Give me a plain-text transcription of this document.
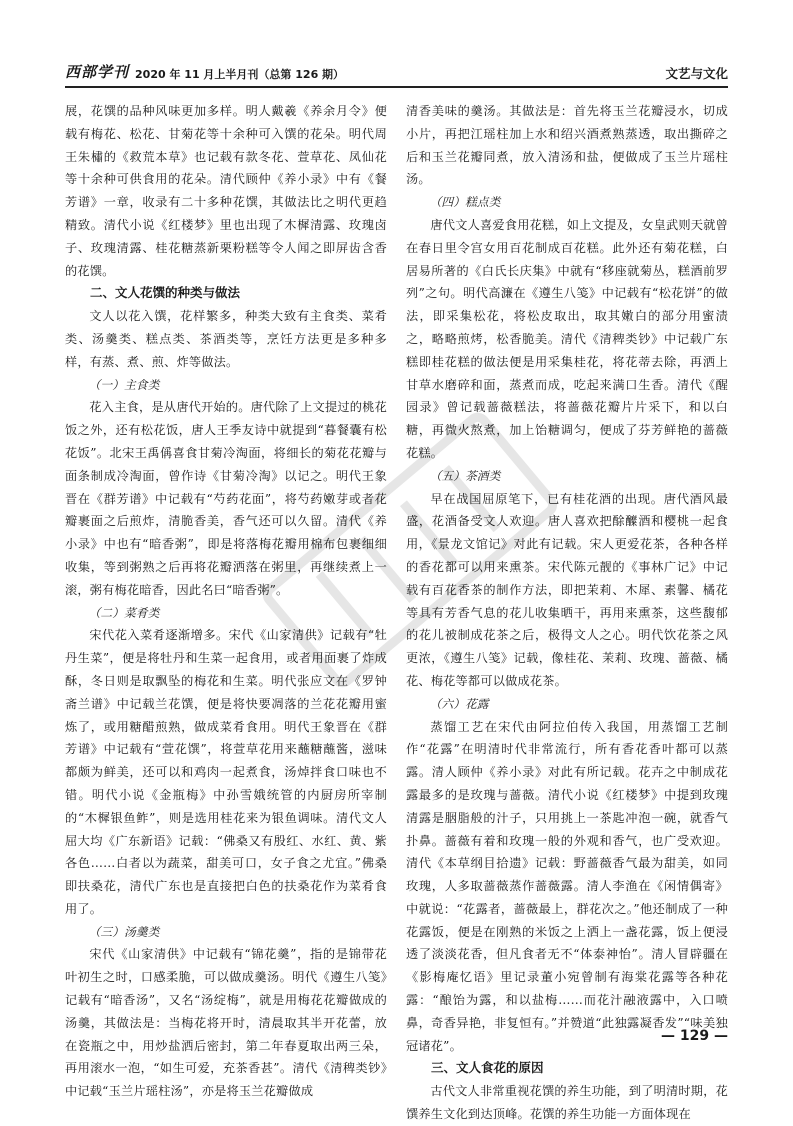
西部学刊 2020 年 11 月上半月刊（总第 126 期）	文艺与文化

展，花馔的品种风味更加多样。明人戴羲《养余月令》便载有梅花、松花、甘菊花等十余种可入馔的花朵。明代周王朱橚的《救荒本草》也记载有款冬花、萱草花、凤仙花等十余种可供食用的花朵。清代顾仲《养小录》中有《餐芳谱》一章，收录有二十多种花馔，其做法比之明代更趋精致。清代小说《红楼梦》里也出现了木樨清露、玫瑰卤子、玫瑰清露、桂花糖蒸新栗粉糕等令人闻之即屏齿含香的花馔。

二、文人花馔的种类与做法

文人以花入馔，花样繁多，种类大致有主食类、菜肴类、汤羹类、糕点类、茶酒类等，烹饪方法更是多种多样，有蒸、煮、煎、炸等做法。

（一）主食类

花入主食，是从唐代开始的。唐代除了上文提过的桃花饭之外，还有松花饭，唐人王季友诗中就提到“暮餐囊有松花饭”。北宋王禹偁喜食甘菊冷淘面，将细长的菊花花瓣与面条制成冷淘面，曾作诗《甘菊冷淘》以记之。明代王象晋在《群芳谱》中记载有“芍药花面”，将芍药嫩芽或者花瓣裹面之后煎炸，清脆香美，香气还可以久留。清代《养小录》中也有“暗香粥”，即是将落梅花瓣用棉布包裹细细收集，等到粥熟之后再将花瓣洒落在粥里，再继续煮上一滚，粥有梅花暗香，因此名曰“暗香粥”。

（二）菜肴类

宋代花入菜肴逐渐增多。宋代《山家清供》记载有“牡丹生菜”，便是将牡丹和生菜一起食用，或者用面裹了炸成酥，冬日则是取飘坠的梅花和生菜。明代张应文在《罗钟斋兰谱》中记载兰花馔，便是将快要凋落的兰花花瓣用蜜炼了，或用糖醋煎熟，做成菜肴食用。明代王象晋在《群芳谱》中记载有“萱花馔”，将萱草花用来蘸糖蘸酱，滋味都颇为鲜美，还可以和鸡肉一起煮食，汤焯拌食口味也不错。明代小说《金瓶梅》中孙雪娥统管的内厨房所宰制的“木樨银鱼鲊”，则是选用桂花来为银鱼调味。清代文人屈大均《广东新语》记载：“佛桑又有殷红、水红、黄、紫各色……白者以为蔬菜，甜美可口，女子食之尤宜。”佛桑即扶桑花，清代广东也是直接把白色的扶桑花作为菜肴食用了。

（三）汤羹类

宋代《山家清供》中记载有“锦花羹”，指的是锦带花叶初生之时，口感柔脆，可以做成羹汤。明代《遵生八笺》记载有“暗香汤”，又名“汤绽梅”，就是用梅花花瓣做成的汤羹，其做法是：当梅花将开时，清晨取其半开花蕾，放在瓷瓶之中，用炒盐洒后密封，第二年春夏取出两三朵，再用滚水一泡，“如生可爱，充茶香甚”。清代《清稗类钞》中记载“玉兰片瑶柱汤”，亦是将玉兰花瓣做成

清香美味的羹汤。其做法是：首先将玉兰花瓣浸水，切成小片，再把江瑶柱加上水和绍兴酒煮熟蒸透，取出撕碎之后和玉兰花瓣同煮，放入清汤和盐，便做成了玉兰片瑶柱汤。

（四）糕点类

唐代文人喜爱食用花糕，如上文提及，女皇武则天就曾在春日里令宫女用百花制成百花糕。此外还有菊花糕，白居易所著的《白氏长庆集》中就有“移座就菊丛，糕酒前罗列”之句。明代高濂在《遵生八笺》中记载有“松花饼”的做法，即采集松花，将松皮取出，取其嫩白的部分用蜜渍之，略略煎烤，松香脆美。清代《清稗类钞》中记载广东糕即桂花糕的做法便是用采集桂花，将花蒂去除，再洒上甘草水磨碎和面，蒸煮而成，吃起来满口生香。清代《醒园录》曾记载蔷薇糕法，将蔷薇花瓣片片采下，和以白糖，再微火熬煮，加上饴糖调匀，便成了芬芳鲜艳的蔷薇花糕。

（五）茶酒类

早在战国屈原笔下，已有桂花酒的出现。唐代酒风最盛，花酒备受文人欢迎。唐人喜欢把酴醾酒和樱桃一起食用，《景龙文馆记》对此有记载。宋人更爱花茶，各种各样的香花都可以用来熏茶。宋代陈元靓的《事林广记》中记载有百花香茶的制作方法，即把茉莉、木犀、素馨、橘花等具有芳香气息的花儿收集晒干，再用来熏茶，这些馥郁的花儿被制成花茶之后，极得文人之心。明代饮花茶之风更浓，《遵生八笺》记载，像桂花、茉莉、玫瑰、蔷薇、橘花、梅花等都可以做成花茶。

（六）花露

蒸馏工艺在宋代由阿拉伯传入我国，用蒸馏工艺制作“花露”在明清时代非常流行，所有香花香叶都可以蒸露。清人顾仲《养小录》对此有所记载。花卉之中制成花露最多的是玫瑰与蔷薇。清代小说《红楼梦》中提到玫瑰清露是胭脂般的汁子，只用挑上一茶匙冲泡一碗，就香气扑鼻。蔷薇有着和玫瑰一般的外观和香气，也广受欢迎。清代《本草纲目拾遗》记载：野蔷薇香气最为甜美，如同玫瑰，人多取蔷薇蒸作蔷薇露。清人李渔在《闲情偶寄》中就说：“花露者，蔷薇最上，群花次之。”他还制成了一种花露饭，便是在刚熟的米饭之上洒上一盏花露，饭上便浸透了淡淡花香，但凡食者无不“体泰神怡”。清人冒辟疆在《影梅庵忆语》里记录董小宛曾制有海棠花露等各种花露：“酿饴为露，和以盐梅……而花汁融液露中，入口喷鼻，奇香异艳，非复恒有。”并赞道“此独露凝香发”“味美独冠诸花”。

三、文人食花的原因

古代文人非常重视花馔的养生功能，到了明清时期，花馔养生文化到达顶峰。花馔的养生功能一方面体现在

— 129 —
